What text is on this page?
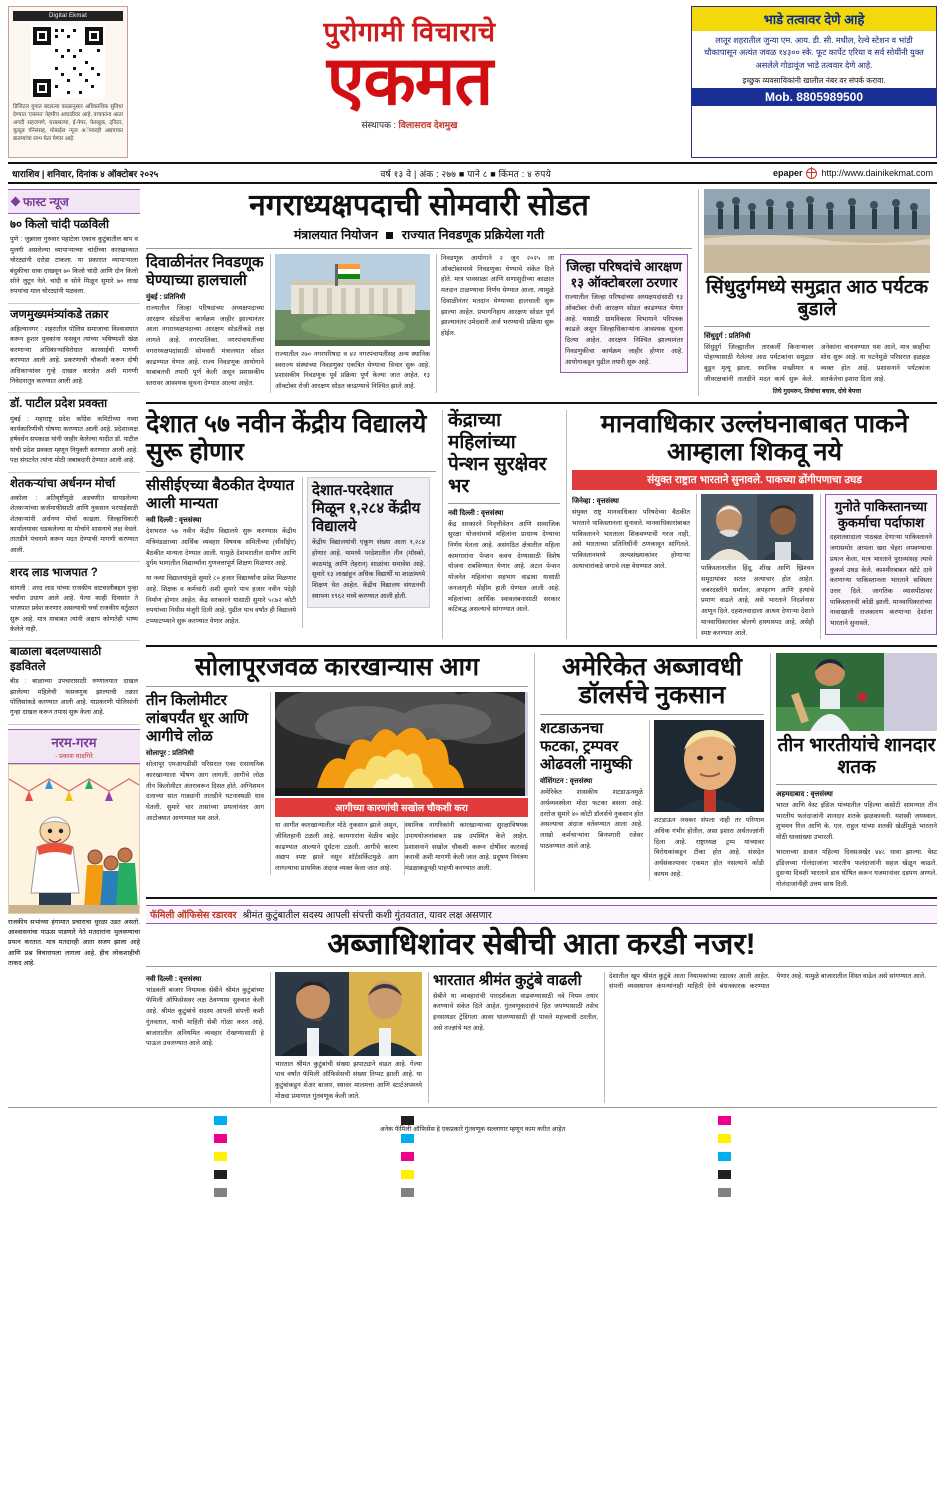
Digital Ekmat
डिजिटल युगात बदलत्या काळानुसार अधिकाधिक सुविधा देण्यात ‘एकमत’ नेहमीच आघाडीवर आहे. वाचकांना आता अगदी सहजपणे, घरबसल्या, ई-पेपर, फेसबुक, ट्विटर, यूट्यूब चॅनेलसह, मोबाईल न्यूज अॅपवरही अद्ययावत बातम्यांचा लाभ घेता येणार आहे.
पुरोगामी विचाराचे
एकमत
संस्थापक : विलासराव देशमुख
भाडे तत्वावर देणे आहे
लातूर शहरातील जुन्या एम. आय. डी. सी. मधील, रेल्वे स्टेशन व भांडी चौकापासून अत्यंत जवळ १४३०० स्के. फूट कार्पेट एरिया व सर्व सोयींनी युक्त असलेले गोडावूंज भाडे तत्ववार देणे आहे.
इच्छुक व्यवसायिकांनी खालील नंबर वर संपर्क करावा.
Mob. 8805989500
धाराशिव | शनिवार, दिनांक ४ ऑक्टोबर २०२५	वर्ष १३ वे | अंक : २७७ ■ पाने ८ ■ किंमत : ४ रुपये	epaper http://www.dainikekmat.com
फास्ट न्यूज
७० किलो चांदी पळविली

पुणे : जुन्नरला गुरुवार पहाटेला एकाच कुटुंबातील बाप व मुलगी असलेल्या व्यापाऱ्याच्या चांदीच्या कारखान्यात चोरट्यांनी दरोडा टाकला. या प्रकारात व्यापाऱ्याला बंदुकीचा धाक दाखवून ७० किलो चांदी आणि दोन किलो सोने लुटून नेले. चांदी व सोने मिळून सुमारे ७० लाख रुपयांचा माल चोरट्यांनी पळवला.

जणमुख्यमंत्र्यांकडे तक्रार

अहिल्यानगर : शहरातील पोलिस समाजाचा विश्वासघात करून हुशार युवकांना फसवून त्यांच्या भविष्याशी खेळ करणाऱ्या अधिकाऱ्यांविरोधात कारवाईची मागणी करण्यात आली आहे. प्रकरणाची चौकशी करून दोषी अधिकाऱ्यांवर गुन्हे दाखल करावेत अशी मागणी निवेदनातून करण्यात आली आहे.

डॉ. पाटील प्रदेश प्रवक्ता

मुंबई : महाराष्ट्र प्रदेश काँग्रेस कमिटीच्या नव्या कार्यकारिणीची घोषणा करण्यात आली आहे. प्रदेशाध्यक्ष हर्षवर्धन सपकाळ यांनी जाहीर केलेल्या यादीत डॉ. पाटील यांची प्रदेश प्रवक्ता म्हणून नियुक्ती करण्यात आली आहे. पक्ष संघटनेत त्यांना मोठी जबाबदारी देण्यात आली आहे.

शेतकऱ्यांचा अर्धनग्न मोर्चा

अकोला : अतिवृष्टीमुळे अडचणीत सापडलेल्या शेतकऱ्यांच्या कर्जमाफीसाठी आणि नुकसान भरपाईसाठी शेतकऱ्यांनी अर्धनग्न मोर्चा काढला. जिल्हाधिकारी कार्यालयावर धडकलेल्या या मोर्चाने शासनाचे लक्ष वेधले. तातडीने पंचनामे करून मदत देण्याची मागणी करण्यात आली.

शरद लाड भाजपात ?

सांगली : शरद लाड यांच्या राजकीय वाटचालीबद्दल पुन्हा चर्चांना उधाण आले आहे. येत्या काही दिवसांत ते भाजपात प्रवेश करणार असल्याची चर्चा राजकीय वर्तुळात सुरू आहे. मात्र याबाबत त्यांनी अद्याप कोणतेही भाष्य केलेले नाही.

बाळाला बदलण्यासाठी इडवितले

बीड : बाळाच्या उपचारासाठी रुग्णालयात दाखल झालेल्या महिलेची फसवणूक झाल्याची तक्रार पोलिसांकडे करण्यात आली आहे. याप्रकरणी पोलिसांनी गुन्हा दाखल करून तपास सुरू केला आहे.

नरम-गरम
- प्रकाश घाडगिरे
राजकीय सभांच्या हंगामात प्रचाराचा धुरळा उडत असतो. आश्वासनांचा पाऊस पाडणारे नेते मतदारांना भुलवण्याचा प्रयत्न करतात. मात्र मतदारही आता सजग झाला आहे आणि प्रश्न विचारायला लागला आहे, हीच लोकशाहीची ताकद आहे.
नगराध्यक्षपदाची सोमवारी सोडत
मंत्रालयात नियोजन राज्यात निवडणूक प्रक्रियेला गती
दिवाळीनंतर निवडणूक घेण्याच्या हालचाली
मुंबई : प्रतिनिधी
राज्यातील जिल्हा परिषदांच्या अध्यक्षपदाच्या आरक्षण सोडतीचा कार्यक्रम जाहीर झाल्यानंतर आता नगराध्यक्षपदाच्या आरक्षण सोडतीकडे लक्ष लागले आहे. नगरपालिका, नगरपंचायतींच्या नगराध्यक्षपदांसाठी सोमवारी मंत्रालयात सोडत काढण्यात येणार आहे. राज्य निवडणूक आयोगाने याबाबतची तयारी पूर्ण केली असून प्रशासकीय स्तरावर आवश्यक सूचना देण्यात आल्या आहेत.
राज्यातील २७० नगरपरिषदा व ४२ नगरपंचायतींसह अन्य स्थानिक स्वराज्य संस्थांच्या निवडणुका एकत्रित घेण्याचा विचार सुरू आहे. प्रशासकीय निवडणूक पूर्व प्रक्रिया पूर्ण केल्या जात आहेत. १३ ऑक्टोबर रोजी आरक्षण सोडत काढण्याचे निश्चित झाले आहे.
निवडणूक आयोगाने २ जून २०२५ ला ऑक्टोबरमध्ये निवडणुका घेण्याचे संकेत दिले होते. मात्र पावसाळा आणि सणासुदीच्या काळात मतदान टाळण्याचा निर्णय घेण्यात आला. त्यामुळे दिवाळीनंतर मतदान घेण्याच्या हालचाली सुरू झाल्या आहेत. प्रभागनिहाय आरक्षण सोडत पूर्ण झाल्यानंतर उमेदवारी अर्ज भरण्याची प्रक्रिया सुरू होईल.
जिल्हा परिषदांचे आरक्षण १३ ऑक्टोबरला ठरणार
राज्यातील जिल्हा परिषदांच्या अध्यक्षपदांसाठी १३ ऑक्टोबर रोजी आरक्षण सोडत काढण्यात येणार आहे. यासाठी ग्रामविकास विभागाने परिपत्रक काढले असून जिल्हाधिकाऱ्यांना आवश्यक सूचना दिल्या आहेत. आरक्षण निश्चित झाल्यानंतर निवडणुकीचा कार्यक्रम जाहीर होणार आहे. आयोगाकडून पुढील तयारी सुरू आहे.
सिंधुदुर्गमध्ये समुद्रात आठ पर्यटक बुडाले
सिंधुदुर्ग : प्रतिनिधी
सिंधुदुर्ग जिल्ह्यातील तारकर्ली किनाऱ्यावर पोहण्यासाठी गेलेल्या आठ पर्यटकांचा समुद्रात बुडून मृत्यू झाला. स्थानिक मच्छीमार व जीवरक्षकांनी तातडीने मदत कार्य सुरू केले. अनेकांना वाचवण्यात यश आले, मात्र काहींचा शोध सुरू आहे. या घटनेमुळे परिसरात हळहळ व्यक्त होत आहे. प्रशासनाने पर्यटकांना सतर्कतेचा इशारा दिला आहे.
तिघे गुदमरुन, तिघांचा बचाव, दोघे बेपत्ता
देशात ५७ नवीन केंद्रीय विद्यालये सुरू होणार
सीसीईएच्या बैठकीत देण्यात आली मान्यता
नवी दिल्ली : वृत्तसंस्था
देशभरात ५७ नवीन केंद्रीय विद्यालये सुरू करण्यास केंद्रीय मंत्रिमंडळाच्या आर्थिक व्यवहार विषयक समितीच्या (सीसीईए) बैठकीत मान्यता देण्यात आली. यामुळे देशभरातील ग्रामीण आणि दुर्गम भागातील विद्यार्थ्यांना गुणवत्तापूर्ण शिक्षण मिळणार आहे.
या नव्या विद्यालयांमुळे सुमारे ८० हजार विद्यार्थ्यांना प्रवेश मिळणार आहे. शिक्षक व कर्मचारी अशी सुमारे पाच हजार नवीन पदेही निर्माण होणार आहेत. केंद्र सरकारने यासाठी सुमारे ५८७२ कोटी रुपयांच्या निधीस मंजुरी दिली आहे. पुढील पाच वर्षांत ही विद्यालये टप्प्याटप्प्याने सुरू करण्यात येणार आहेत.
देशात-परदेशात मिळून १,२८४ केंद्रीय विद्यालये
केंद्रीय विद्यालयांची एकूण संख्या आता १,२८४ होणार आहे. यामध्ये परदेशातील तीन (मॉस्को, काठमांडू आणि तेहरान) शाळांचा समावेश आहे. सुमारे १३ लाखांहून अधिक विद्यार्थी या शाळांमध्ये शिक्षण घेत आहेत. केंद्रीय विद्यालय संगठनची स्थापना १९६२ मध्ये करण्यात आली होती.
केंद्राच्या महिलांच्या पेन्शन सुरक्षेवर भर
नवी दिल्ली : वृत्तसंस्था
केंद्र सरकारने निवृत्तीवेतन आणि सामाजिक सुरक्षा योजनांमध्ये महिलांना प्राधान्य देण्याचा निर्णय घेतला आहे. असंगठित क्षेत्रातील महिला कामगारांना पेन्शन कवच देण्यासाठी विशेष योजना राबविण्यात येणार आहे. अटल पेन्शन योजनेत महिलांचा सहभाग वाढावा यासाठी जनजागृती मोहीम हाती घेण्यात आली आहे. महिलांच्या आर्थिक स्वावलंबनासाठी सरकार कटिबद्ध असल्याचे सांगण्यात आले.
मानवाधिकार उल्लंघनाबाबत पाकने आम्हाला शिकवू नये
संयुक्त राष्ट्रात भारताने सुनावले. पाकच्या ढोंगीपणाचा उघड
जिनेव्हा : वृत्तसंस्था
संयुक्त राष्ट्र मानवाधिकार परिषदेच्या बैठकीत भारताने पाकिस्तानला सुनावले. मानवाधिकारांबाबत पाकिस्तानने भारताला शिकवण्याची गरज नाही, असे भारताच्या प्रतिनिधींनी ठणकावून सांगितले. पाकिस्तानमध्ये अल्पसंख्याकांवर होणाऱ्या अत्याचारांकडे जगाचे लक्ष वेधण्यात आले.	पाकिस्तानातील हिंदू, शीख आणि ख्रिश्चन समुदायांवर सतत अत्याचार होत आहेत. जबरदस्तीने धर्मांतर, अपहरण आणि हत्यांचे प्रमाण वाढले आहे, असे भारताने निदर्शनास आणून दिले. दहशतवादाला आश्रय देणाऱ्या देशाने मानवाधिकारांवर बोलणे हास्यास्पद आहे, असेही स्पष्ट करण्यात आले.
गुनोते पाकिस्तानच्या कुकर्माचा पर्दाफाश
दहशतवादाला पाठबळ देणाऱ्या पाकिस्तानने जगासमोर आपला खरा चेहरा लपवण्याचा प्रयत्न केला, मात्र भारताने पुराव्यांसह त्याचे कुकर्म उघड केले. काश्मीरबाबत खोटे दावे करणाऱ्या पाकिस्तानला भारताने सविस्तर उत्तर दिले. जागतिक व्यासपीठावर पाकिस्तानची कोंडी झाली. मानवाधिकारांच्या नावाखाली राजकारण करणाऱ्या देशांना भारताने सुनावले.
सोलापूरजवळ कारखान्यास आग
तीन किलोमीटर लांबपर्यंत धूर आणि आगीचे लोळ
सोलापूर : प्रतिनिधी
सोलापूर एमआयडीसी परिसरात एका रासायनिक कारखान्याला भीषण आग लागली. आगीचे लोळ तीन किलोमीटर अंतरावरून दिसत होते. अग्निशमन दलाच्या सात गाड्यांनी तातडीने घटनास्थळी धाव घेतली. सुमारे चार तासांच्या प्रयत्नांनंतर आग आटोक्यात आणण्यात यश आले.
आगीच्या कारणांची सखोल चौकशी करा
या आगीत कारखान्यातील मोठे नुकसान झाले असून, जीवितहानी टळली आहे. कामगारांना वेळीच बाहेर काढण्यात आल्याने दुर्घटना टळली. आगीचे कारण अद्याप स्पष्ट झाले नसून शॉर्टसर्किटमुळे आग लागल्याचा प्राथमिक अंदाज व्यक्त केला जात आहे.
स्थानिक नागरिकांनी कारखान्याच्या सुरक्षाविषयक उपाययोजनांबाबत प्रश्न उपस्थित केले आहेत. प्रशासनाने सखोल चौकशी करून दोषींवर कारवाई करावी अशी मागणी केली जात आहे. प्रदूषण नियंत्रण मंडळाकडूनही पाहणी करण्यात आली.
अमेरिकेत अब्जावधी डॉलर्सचे नुकसान
शटडाऊनचा फटका, ट्रम्पवर ओढवली नामुष्की
वॉशिंगटन : वृत्तसंस्था
अमेरिकेत शासकीय शटडाऊनमुळे अर्थव्यवस्थेला मोठा फटका बसला आहे. दररोज सुमारे ४० कोटी डॉलर्सचे नुकसान होत असल्याचा अंदाज वर्तवण्यात आला आहे. लाखो कर्मचाऱ्यांना बिनपगारी रजेवर पाठवण्यात आले आहे.
शटडाऊन लवकर संपला नाही तर परिणाम अधिक गंभीर होतील, असा इशारा अर्थतज्ज्ञांनी दिला आहे. राष्ट्राध्यक्ष ट्रम्प यांच्यावर विरोधकांकडून टीका होत आहे. संसदेत अर्थसंकल्पावर एकमत होत नसल्याने कोंडी कायम आहे.
तीन भारतीयांचे शानदार शतक
अहमदाबाद : वृत्तसंस्था
भारत आणि वेस्ट इंडिज यांच्यातील पहिल्या कसोटी सामन्यात तीन भारतीय फलंदाजांनी शानदार शतके झळकावली. यशस्वी जयस्वाल, शुभमन गिल आणि के. एल. राहुल यांच्या शतकी खेळींमुळे भारताने मोठी धावसंख्या उभारली.
भारताच्या डावात पहिल्या दिवसअखेर ४४८ धावा झाल्या. वेस्ट इंडिजच्या गोलंदाजांना भारतीय फलंदाजांनी सहज खेळून काढले. दुसऱ्या दिवशी भारताने डाव घोषित करून यजमानांवर दडपण आणले. गोलंदाजांनीही उत्तम साथ दिली.
फॅमिली ऑफिसेस रडारवर श्रीमंत कुटुंबातील सदस्य आपली संपत्ती कशी गुंतवतात, यावर लक्ष असणार
अब्जाधिशांवर सेबीची आता करडी नजर!
नवी दिल्ली : वृत्तसंस्था
भांडवली बाजार नियामक सेबीने श्रीमंत कुटुंबांच्या फॅमिली ऑफिसेसवर लक्ष ठेवण्यास सुरुवात केली आहे. श्रीमंत कुटुंबांचे सदस्य आपली संपत्ती कशी गुंतवतात, याची माहिती सेबी गोळा करत आहे. बाजारातील अनियमित व्यवहार रोखण्यासाठी हे पाऊल उचलण्यात आले आहे.
भारतात श्रीमंत कुटुंबांची संख्या झपाट्याने वाढत आहे. गेल्या पाच वर्षांत फॅमिली ऑफिसेसची संख्या तिप्पट झाली आहे. या कुटुंबांकडून शेअर बाजार, स्थावर मालमत्ता आणि स्टार्टअपमध्ये मोठ्या प्रमाणात गुंतवणूक केली जाते.
भारतात श्रीमंत कुटुंबे वाढली
सेबीने या व्यवहारांची पारदर्शकता वाढवण्यासाठी नवे नियम तयार करण्याचे संकेत दिले आहेत. गुंतवणूकदारांचे हित जपण्यासाठी तसेच इनसायडर ट्रेडिंगला आवर घालण्यासाठी ही पावले महत्त्वाची ठरतील, असे तज्ज्ञांचे मत आहे.
देशातील खूप श्रीमंत कुटुंबे आता नियामकांच्या रडारवर आली आहेत. संपत्ती व्यवस्थापन कंपन्यांनाही माहिती देणे बंधनकारक करण्यात येणार आहे. यामुळे बाजारातील शिस्त वाढेल असे सांगण्यात आले.

अनेक फॅमिली ऑफिसेस हे एकप्रकारे गुंतवणूक सल्लागार म्हणून काम करीत आहेत
